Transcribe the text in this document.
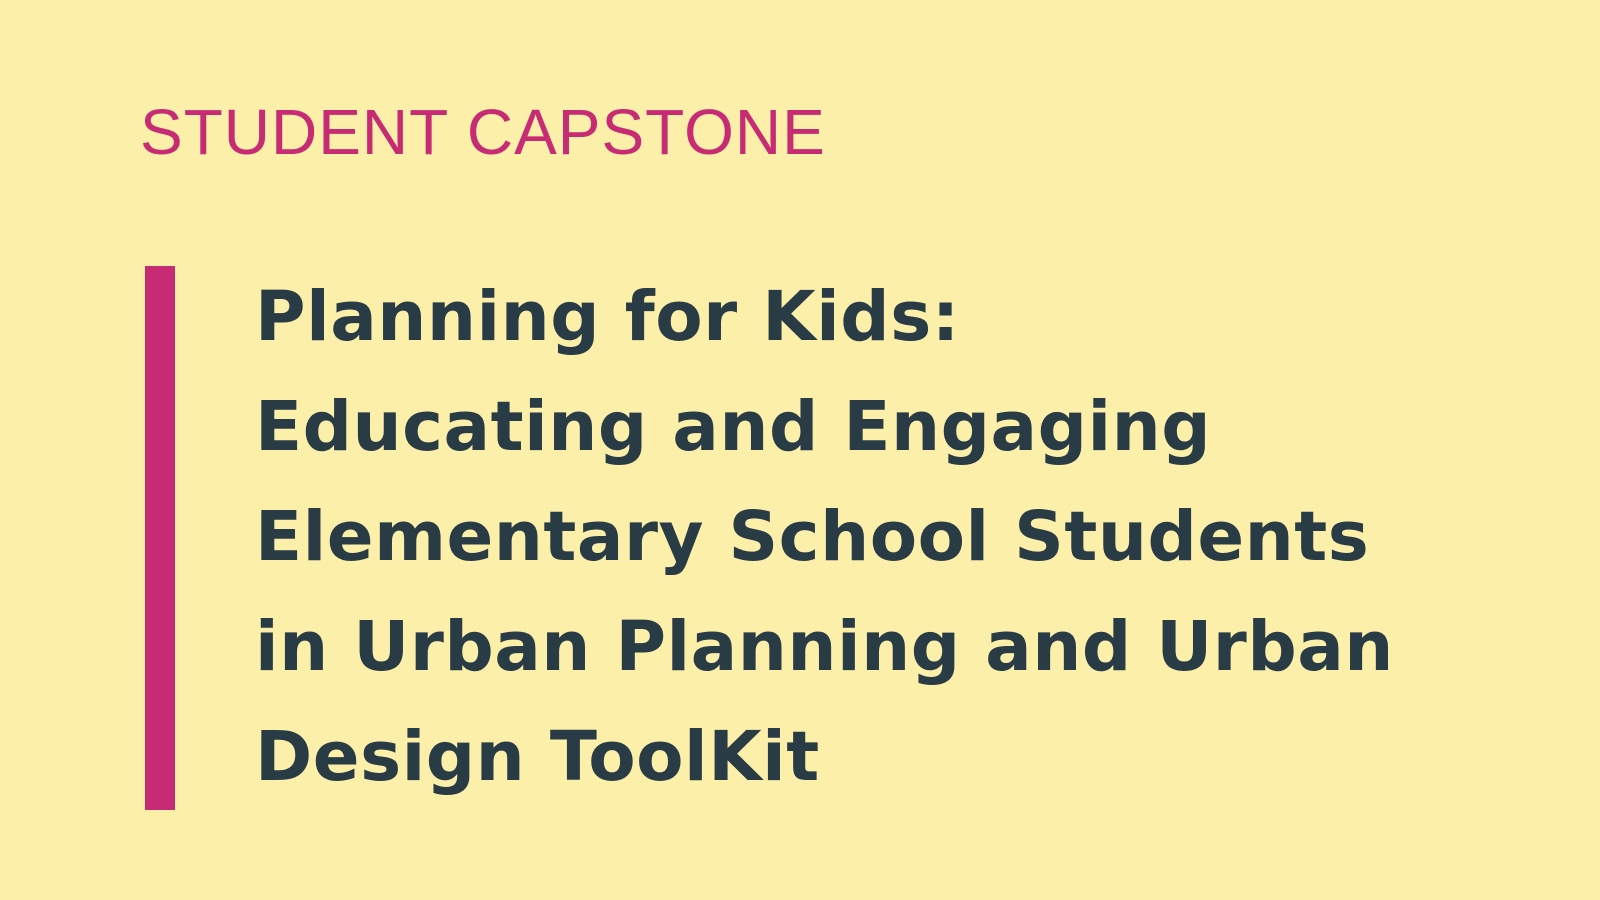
STUDENT CAPSTONE
Planning for Kids:
Educating and Engaging
Elementary School Students
in Urban Planning and Urban
Design ToolKit
